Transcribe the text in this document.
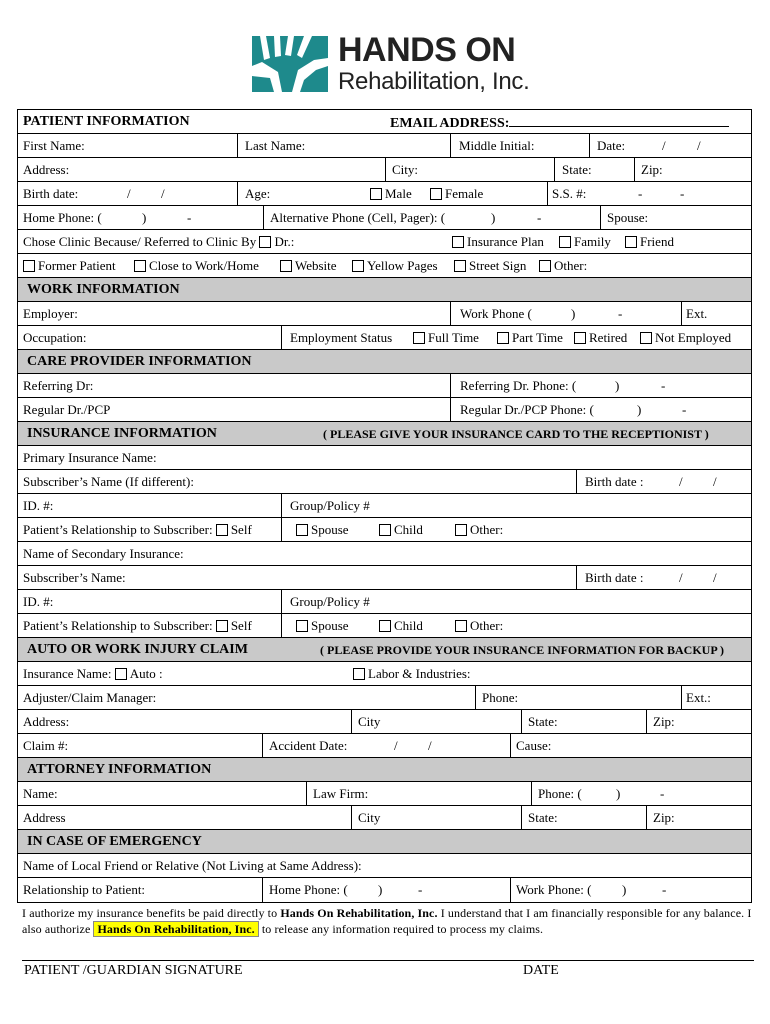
HANDS ON
Rehabilitation, Inc.
PATIENT INFORMATION	EMAIL ADDRESS:
First Name:	Last Name:	Middle Initial:	Date:	/ /
Address:	City:	State:	Zip:
Birth date:	/ /	Age:	Male	Female	S.S. #:	-	-
Home Phone: (	)	-	Alternative Phone (Cell, Pager): (	)	-	Spouse:
Chose Clinic Because/ Referred to Clinic By Dr.:	Insurance Plan	Family	Friend
Former Patient	Close to Work/Home	Website	Yellow Pages	Street Sign	Other:
WORK INFORMATION
Employer:	Work Phone (	)	-	Ext.
Occupation:	Employment Status	Full Time	Part Time	Retired	Not Employed
CARE PROVIDER INFORMATION
Referring Dr:	Referring Dr. Phone: (	)	-
Regular Dr./PCP	Regular Dr./PCP Phone: (	)	-
INSURANCE INFORMATION	( PLEASE GIVE YOUR INSURANCE CARD TO THE RECEPTIONIST )
Primary Insurance Name:
Subscriber’s Name (If different):	Birth date :	/ /
ID. #:	Group/Policy #
Patient’s Relationship to Subscriber: Self	Spouse	Child	Other:
Name of Secondary Insurance:
Subscriber’s Name:	Birth date :	/ /
ID. #:	Group/Policy #
Patient’s Relationship to Subscriber: Self	Spouse	Child	Other:
AUTO OR WORK INJURY CLAIM	( PLEASE PROVIDE YOUR INSURANCE INFORMATION FOR BACKUP )
Insurance Name: Auto :	Labor & Industries:
Adjuster/Claim Manager:	Phone:	Ext.:
Address:	City	State:	Zip:
Claim #:	Accident Date:	/ /	Cause:
ATTORNEY INFORMATION
Name:	Law Firm:	Phone: (	)	-
Address	City	State:	Zip:
IN CASE OF EMERGENCY
Name of Local Friend or Relative (Not Living at Same Address):
Relationship to Patient:	Home Phone: ( )	-	Work Phone: ( )	-
I authorize my insurance benefits be paid directly to Hands On Rehabilitation, Inc. I understand that I am financially responsible for any balance. I also authorize Hands On Rehabilitation, Inc. to release any information required to process my claims.
PATIENT /GUARDIAN SIGNATURE	DATE
